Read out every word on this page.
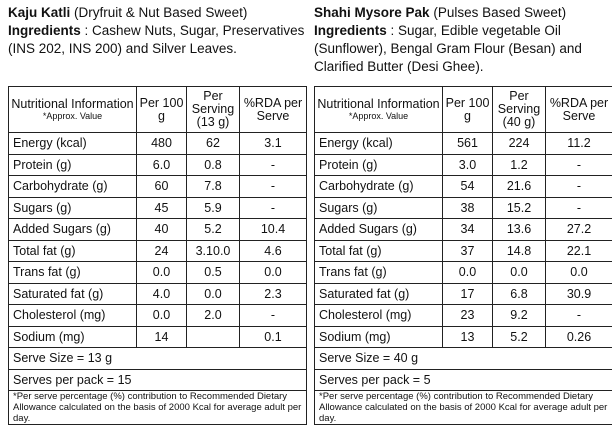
Kaju Katli (Dryfruit & Nut Based Sweet)
Ingredients : Cashew Nuts, Sugar, Preservatives (INS 202, INS 200) and Silver Leaves.
Nutritional Information
*Approx. Value	Per 100 g	Per Serving (13 g)	%RDA per Serve
Energy (kcal)	480	62	3.1
Protein (g)	6.0	0.8	-
Carbohydrate (g)	60	7.8	-
Sugars (g)	45	5.9	-
Added Sugars (g)	40	5.2	10.4
Total fat (g)	24	3.10.0	4.6
Trans fat (g)	0.0	0.5	0.0
Saturated fat (g)	4.0	0.0	2.3
Cholesterol (mg)	0.0	2.0	-
Sodium (mg)	14		0.1
Serve Size = 13 g			
Serves per pack = 15			
*Per serve percentage (%) contribution to Recommended Dietary Allowance calculated on the basis of 2000 Kcal for average adult per day.			
Shahi Mysore Pak (Pulses Based Sweet)
Ingredients : Sugar, Edible vegetable Oil (Sunflower), Bengal Gram Flour (Besan) and Clarified Butter (Desi Ghee).
Nutritional Information
*Approx. Value	Per 100 g	Per Serving (40 g)	%RDA per Serve
Energy (kcal)	561	224	11.2
Protein (g)	3.0	1.2	-
Carbohydrate (g)	54	21.6	-
Sugars (g)	38	15.2	-
Added Sugars (g)	34	13.6	27.2
Total fat (g)	37	14.8	22.1
Trans fat (g)	0.0	0.0	0.0
Saturated fat (g)	17	6.8	30.9
Cholesterol (mg)	23	9.2	-
Sodium (mg)	13	5.2	0.26
Serve Size = 40 g			
Serves per pack = 5			
*Per serve percentage (%) contribution to Recommended Dietary Allowance calculated on the basis of 2000 Kcal for average adult per day.			
